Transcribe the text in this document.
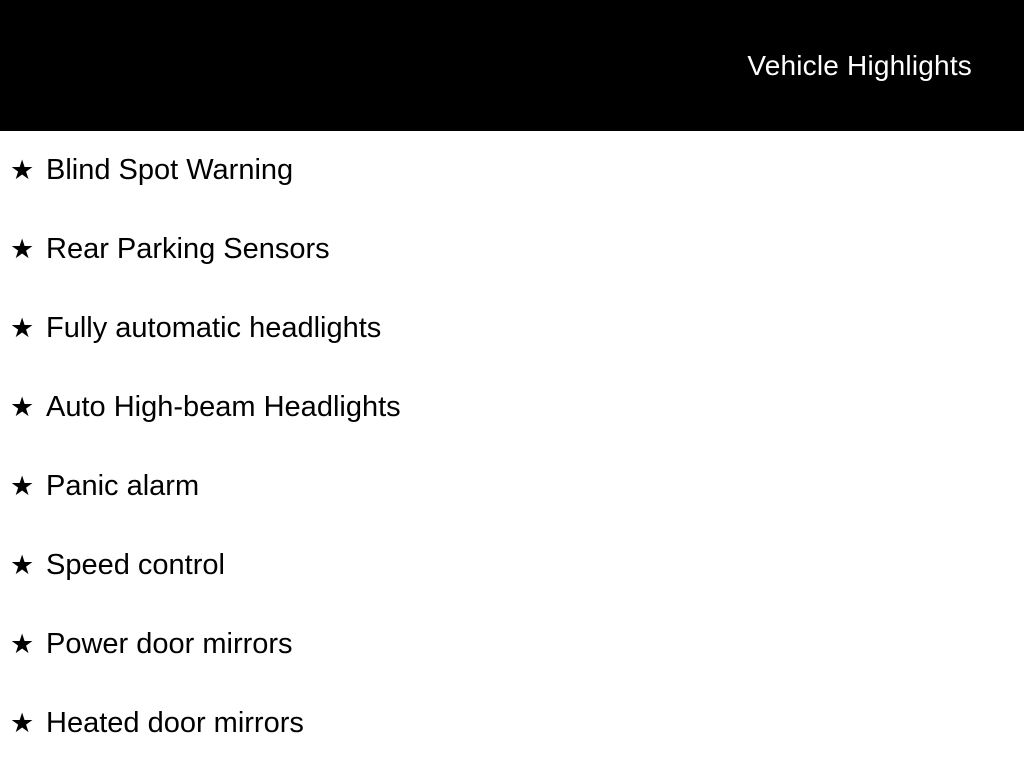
Vehicle Highlights
★ Blind Spot Warning
★ Rear Parking Sensors
★ Fully automatic headlights
★ Auto High-beam Headlights
★ Panic alarm
★ Speed control
★ Power door mirrors
★ Heated door mirrors
